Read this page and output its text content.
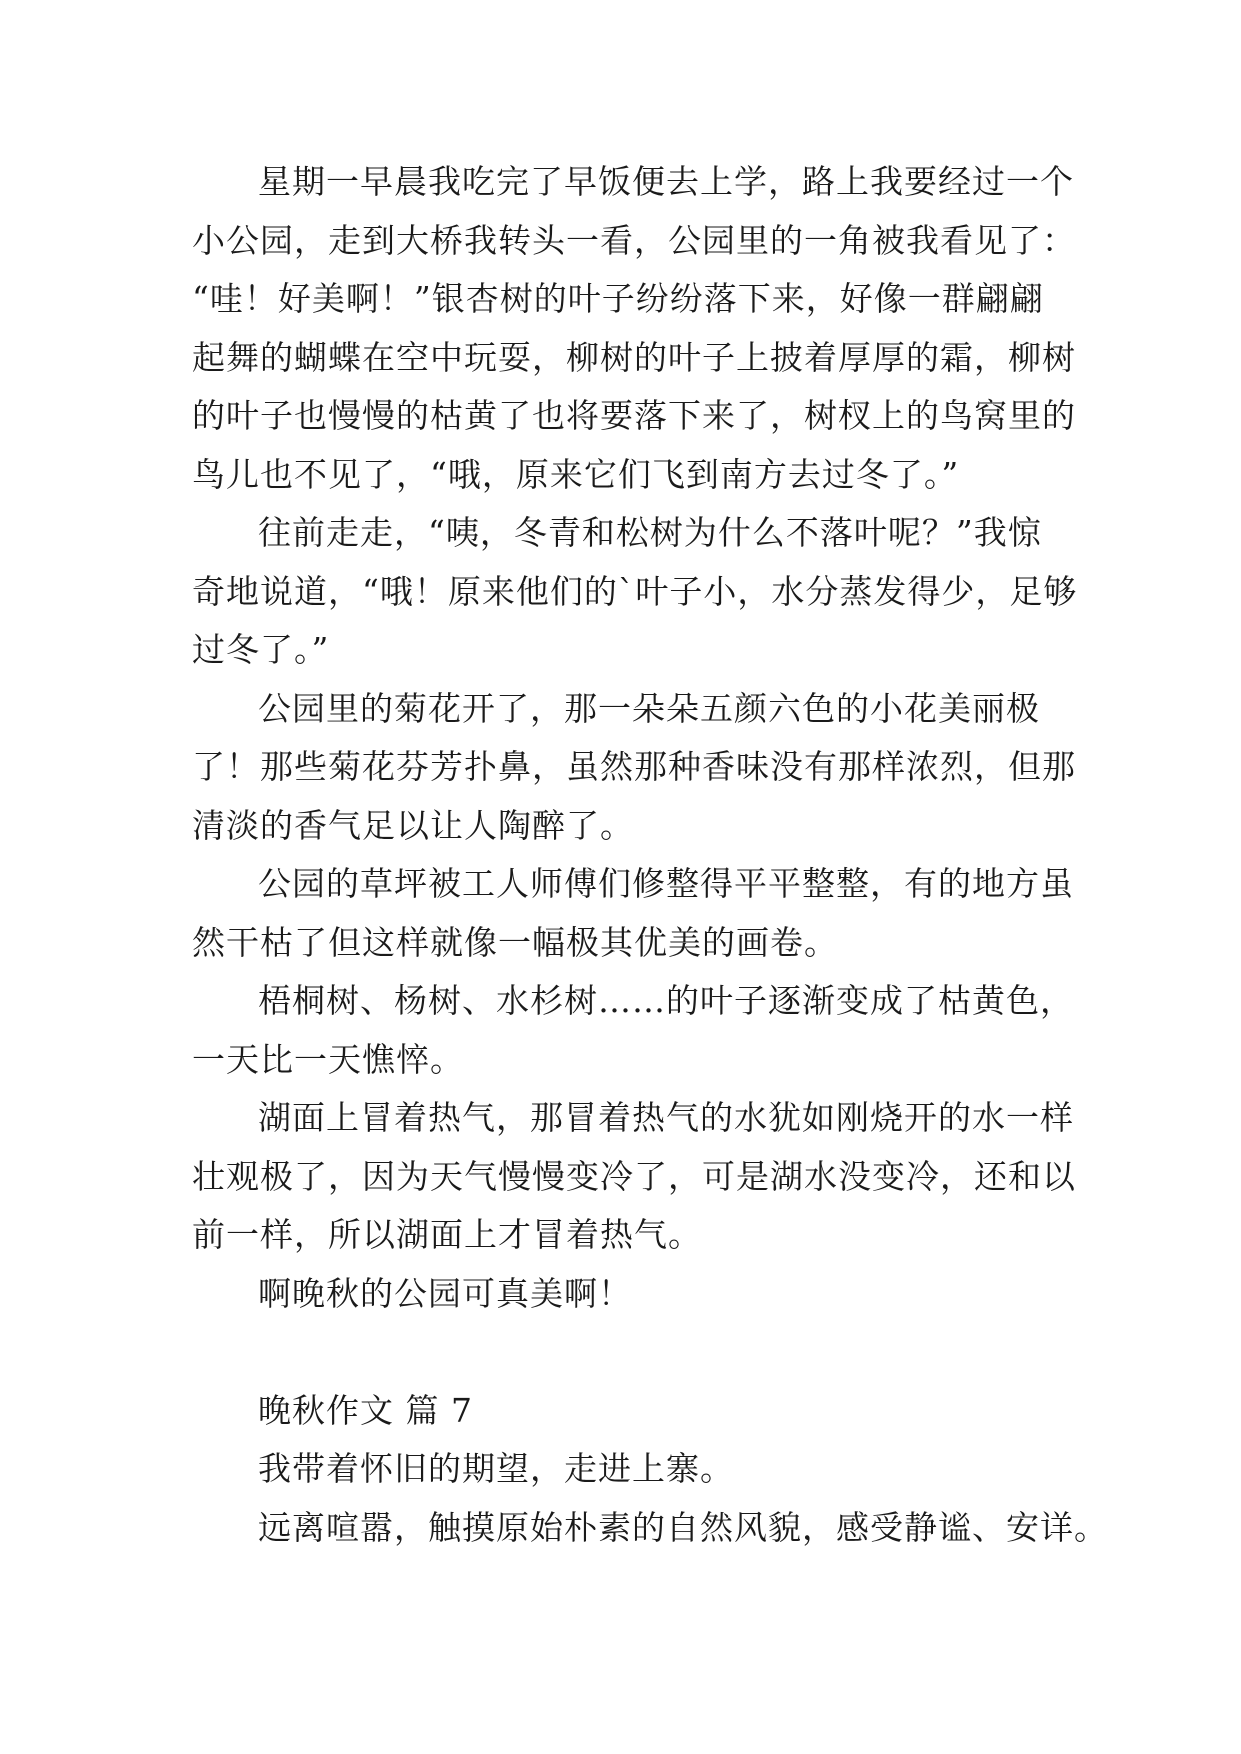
星期一早晨我吃完了早饭便去上学，路上我要经过一个
小公园，走到大桥我转头一看，公园里的一角被我看见了：
“哇！好美啊！”银杏树的叶子纷纷落下来，好像一群翩翩
起舞的蝴蝶在空中玩耍，柳树的叶子上披着厚厚的霜，柳树
的叶子也慢慢的枯黄了也将要落下来了，树杈上的鸟窝里的
鸟儿也不见了，“哦，原来它们飞到南方去过冬了。”
往前走走，“咦，冬青和松树为什么不落叶呢？”我惊
奇地说道，“哦！原来他们的`叶子小，水分蒸发得少，足够
过冬了。”
公园里的菊花开了，那一朵朵五颜六色的小花美丽极
了！那些菊花芬芳扑鼻，虽然那种香味没有那样浓烈，但那
清淡的香气足以让人陶醉了。
公园的草坪被工人师傅们修整得平平整整，有的地方虽
然干枯了但这样就像一幅极其优美的画卷。
梧桐树、杨树、水杉树……的叶子逐渐变成了枯黄色，
一天比一天憔悴。
湖面上冒着热气，那冒着热气的水犹如刚烧开的水一样
壮观极了，因为天气慢慢变冷了，可是湖水没变冷，还和以
前一样，所以湖面上才冒着热气。
啊晚秋的公园可真美啊！
晚秋作文 篇 7
我带着怀旧的期望，走进上寨。
远离喧嚣，触摸原始朴素的自然风貌，感受静谧、安详。
